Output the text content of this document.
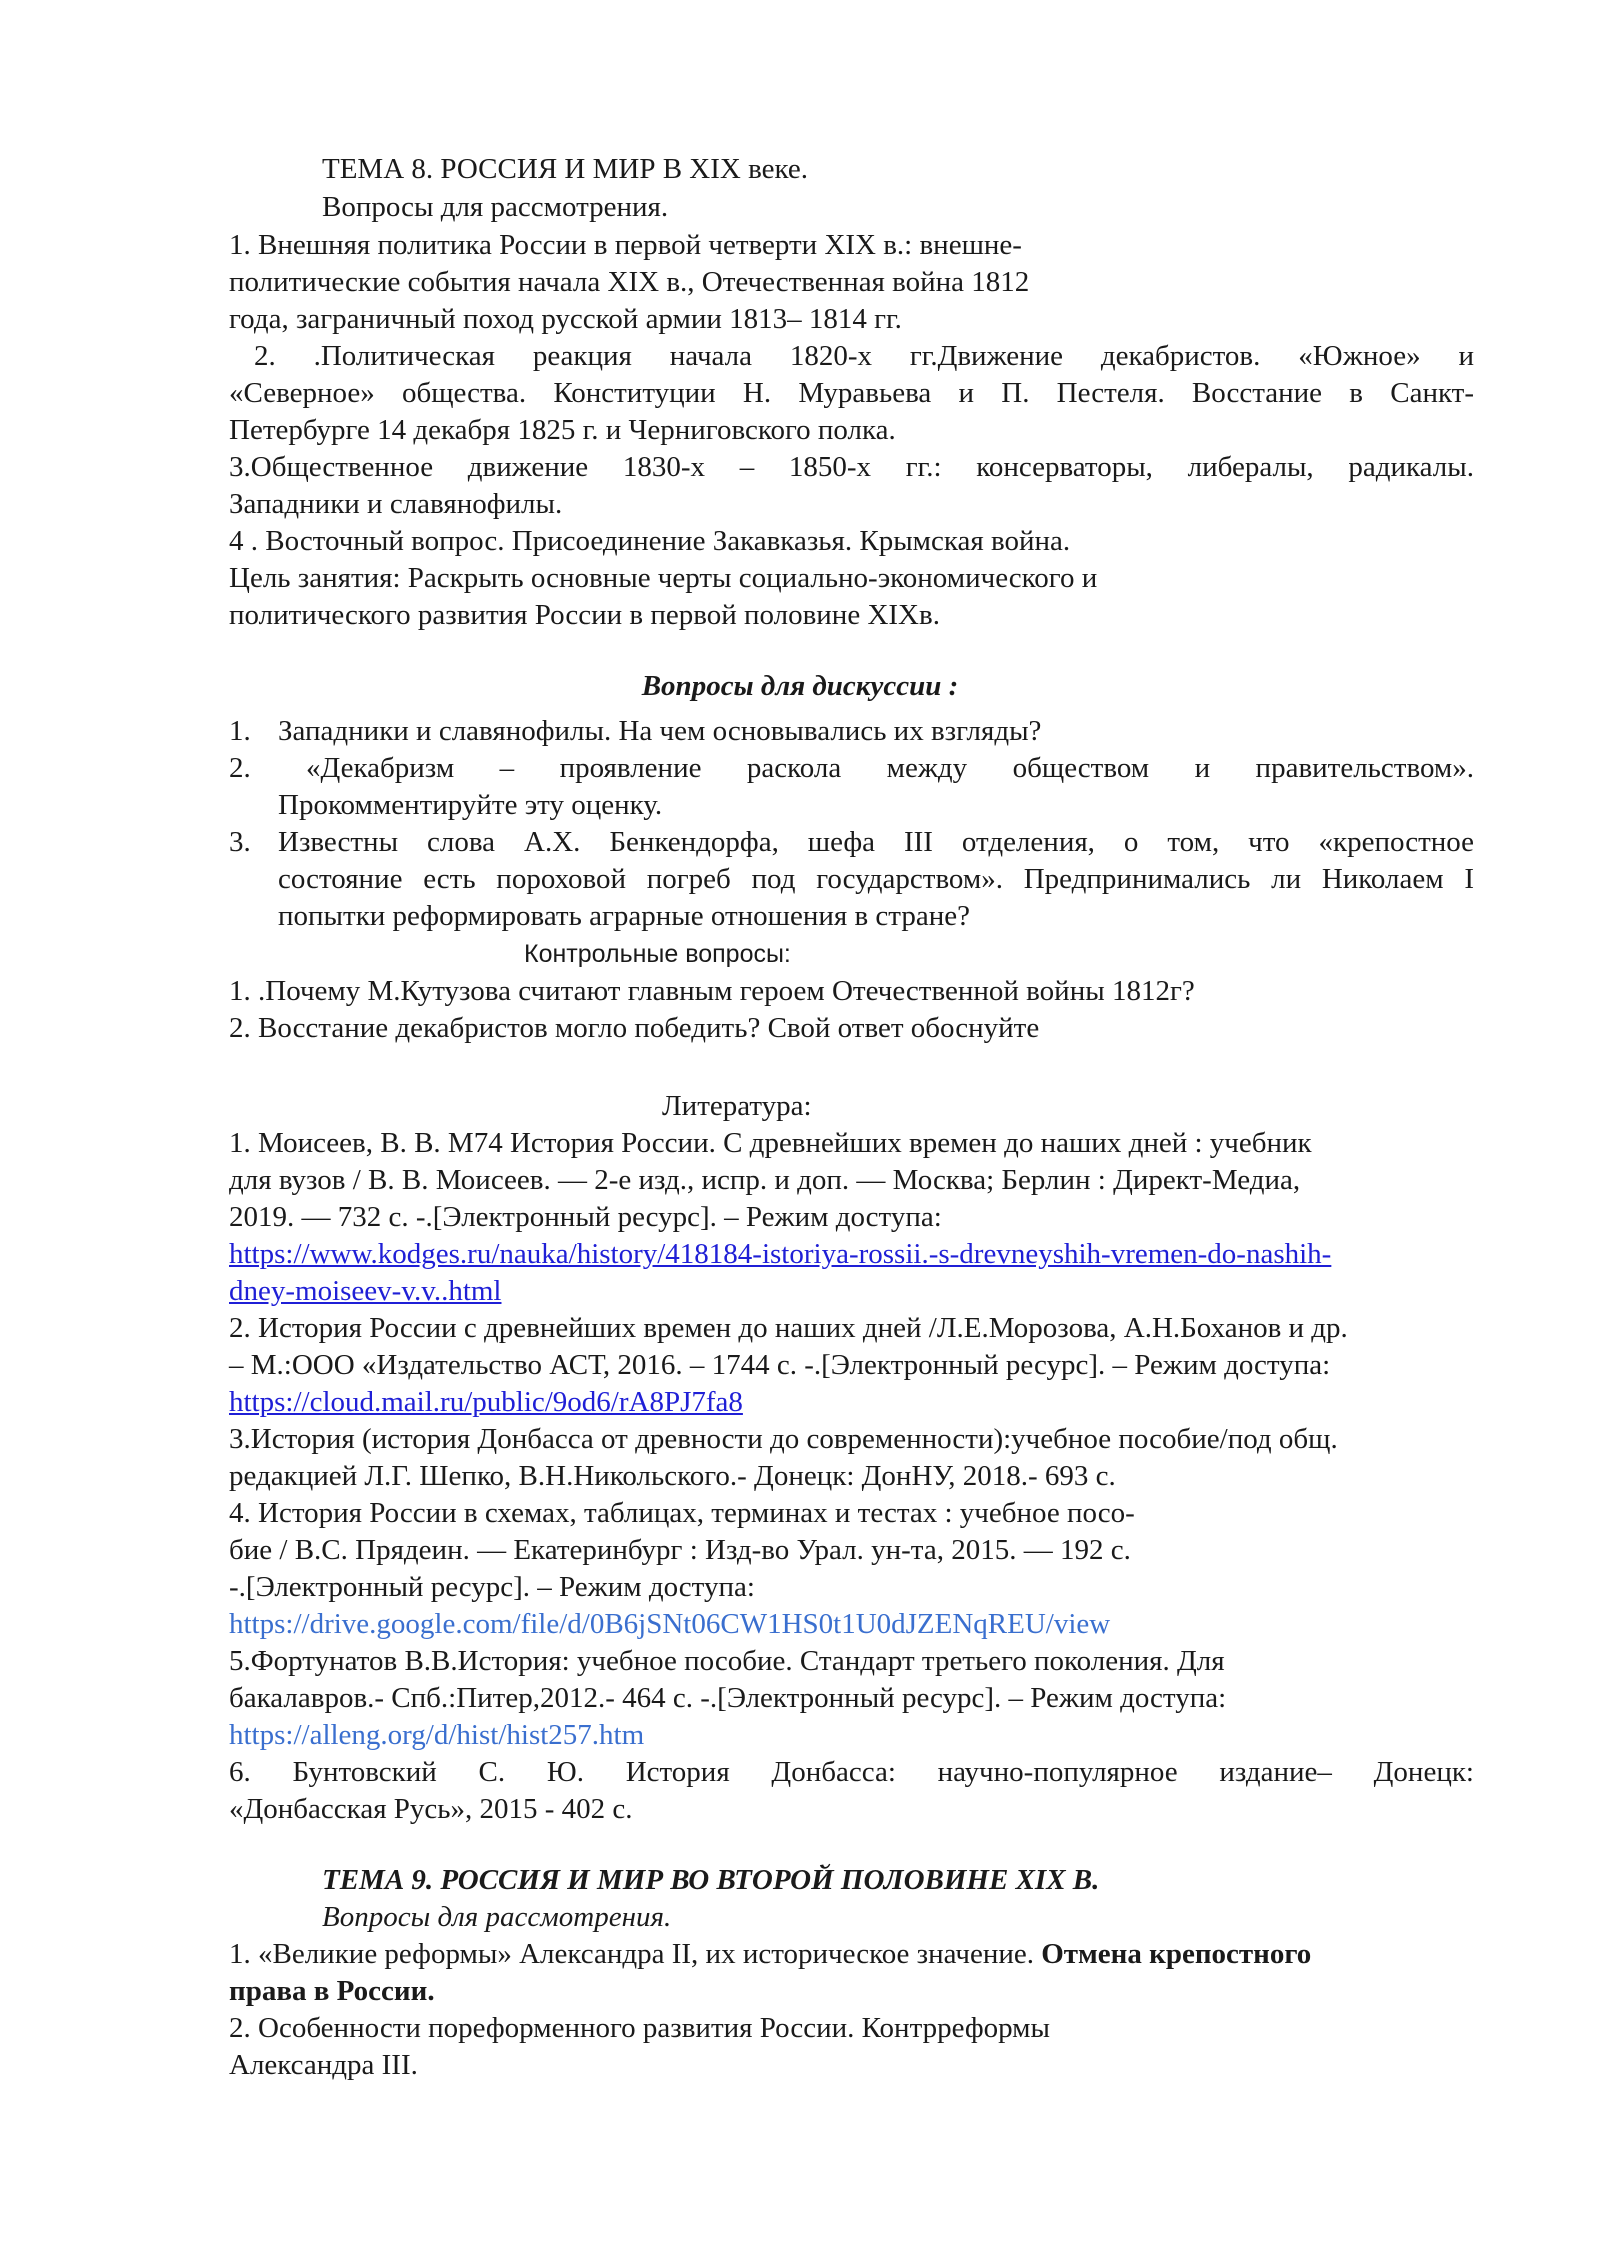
ТЕМА 8. РОССИЯ И МИР В XIX веке.
Вопросы для рассмотрения.
1. Внешняя политика России в первой четверти XIX в.: внешне-
политические события начала XIX в., Отечественная война 1812
года, заграничный поход русской армии 1813– 1814 гг.
2. .Политическая реакция начала 1820-х гг.Движение декабристов. «Южное» и
«Северное» общества. Конституции Н. Муравьева и П. Пестеля. Восстание в Санкт-
Петербурге 14 декабря 1825 г. и Черниговского полка.
3.Общественное движение 1830-х – 1850-х гг.: консерваторы, либералы, радикалы.
Западники и славянофилы.
4 . Восточный вопрос. Присоединение Закавказья. Крымская война.
Цель занятия: Раскрыть основные черты социально-экономического и
политического развития России в первой половине XIXв.
Вопросы для дискуссии :
1. Западники и славянофилы. На чем основывались их взгляды?
2. «Декабризм – проявление раскола между обществом и правительством».
Прокомментируйте эту оценку.
3. Известны слова А.Х. Бенкендорфа, шефа III отделения, о том, что «крепостное
состояние есть пороховой погреб под государством». Предпринимались ли Николаем I
попытки реформировать аграрные отношения в стране?
Контрольные вопросы:
1. .Почему М.Кутузова считают главным героем Отечественной войны 1812г?
2. Восстание декабристов могло победить? Свой ответ обоснуйте
Литература:
1. Моисеев, В. В. М74 История России. С древнейших времен до наших дней : учебник
для вузов / В. В. Моисеев. — 2-е изд., испр. и доп. — Москва; Берлин : Директ-Медиа,
2019. — 732 с. -.[Электронный ресурс]. – Режим доступа:
https://www.kodges.ru/nauka/history/418184-istoriya-rossii.-s-drevneyshih-vremen-do-nashih-
dney-moiseev-v.v..html
2. История России с древнейших времен до наших дней /Л.Е.Морозова, А.Н.Боханов и др.
– М.:ООО «Издательство АСТ, 2016. – 1744 с. -.[Электронный ресурс]. – Режим доступа:
https://cloud.mail.ru/public/9od6/rA8PJ7fa8
3.История (история Донбасса от древности до современности):учебное пособие/под общ.
редакцией Л.Г. Шепко, В.Н.Никольского.- Донецк: ДонНУ, 2018.- 693 с.
4. История России в схемах, таблицах, терминах и тестах : учебное посо-
бие / В.С. Прядеин. — Екатеринбург : Изд-во Урал. ун-та, 2015. — 192 с.
-.[Электронный ресурс]. – Режим доступа:
https://drive.google.com/file/d/0B6jSNt06CW1HS0t1U0dJZENqREU/view
5.Фортунатов В.В.История: учебное пособие. Стандарт третьего поколения. Для
бакалавров.- Спб.:Питер,2012.- 464 с. -.[Электронный ресурс]. – Режим доступа:
https://alleng.org/d/hist/hist257.htm
6. Бунтовский С. Ю. История Донбасса: научно-популярное издание– Донецк:
«Донбасская Русь», 2015 - 402 с.
ТЕМА 9. РОССИЯ И МИР ВО ВТОРОЙ ПОЛОВИНЕ XIX В.
Вопросы для рассмотрения.
1. «Великие реформы» Александра II, их историческое значение. Отмена крепостного
права в России.
2. Особенности пореформенного развития России. Контрреформы
Александра III.
